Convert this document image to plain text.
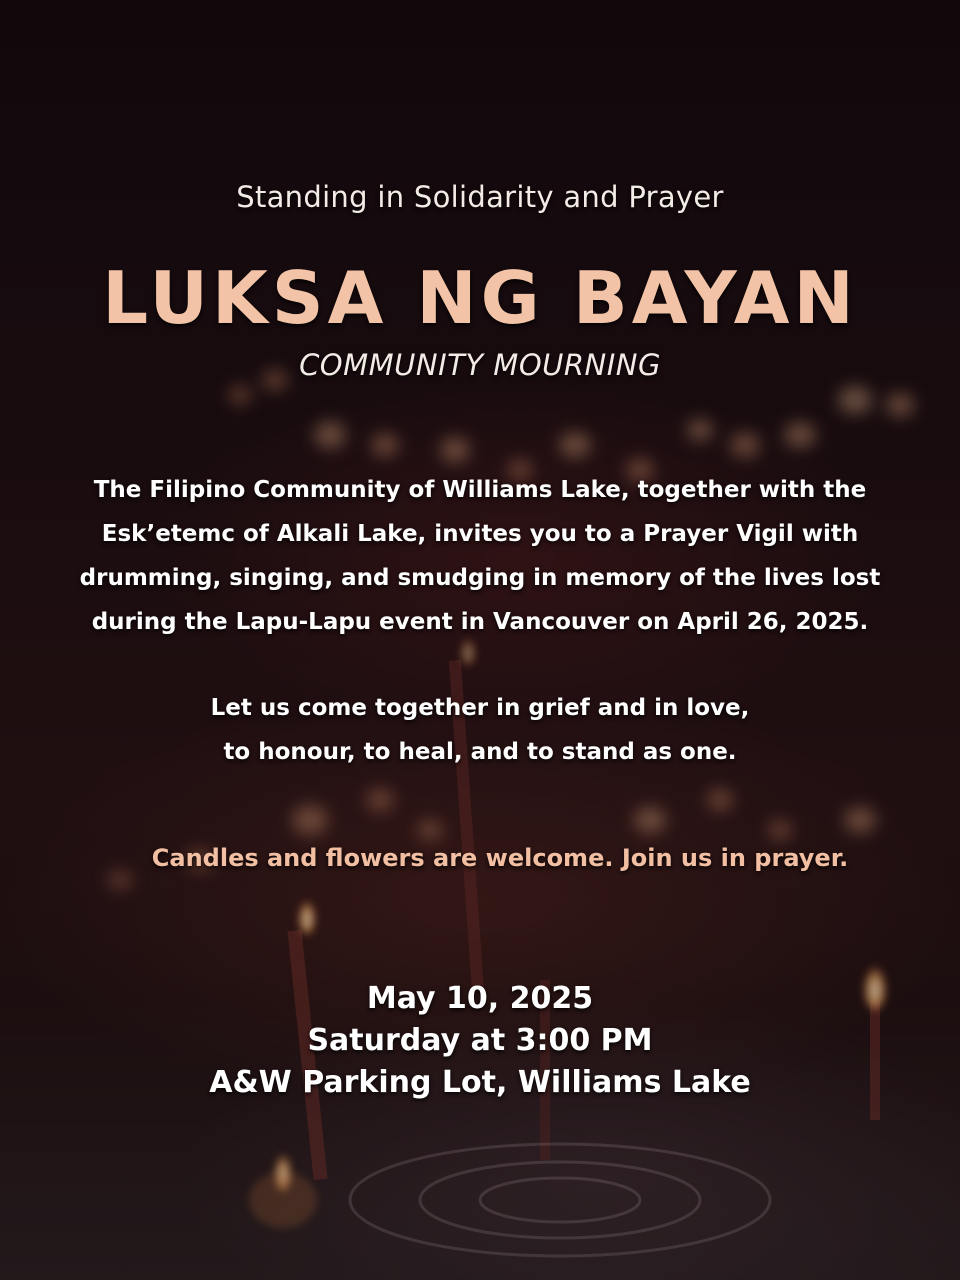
Standing in Solidarity and Prayer
LUKSA NG BAYAN
COMMUNITY MOURNING
The Filipino Community of Williams Lake, together with the
Esk’etemc of Alkali Lake, invites you to a Prayer Vigil with
drumming, singing, and smudging in memory of the lives lost
during the Lapu-Lapu event in Vancouver on April 26, 2025.
Let us come together in grief and in love,
to honour, to heal, and to stand as one.
Candles and flowers are welcome. Join us in prayer.
May 10, 2025
Saturday at 3:00 PM
A&W Parking Lot, Williams Lake
